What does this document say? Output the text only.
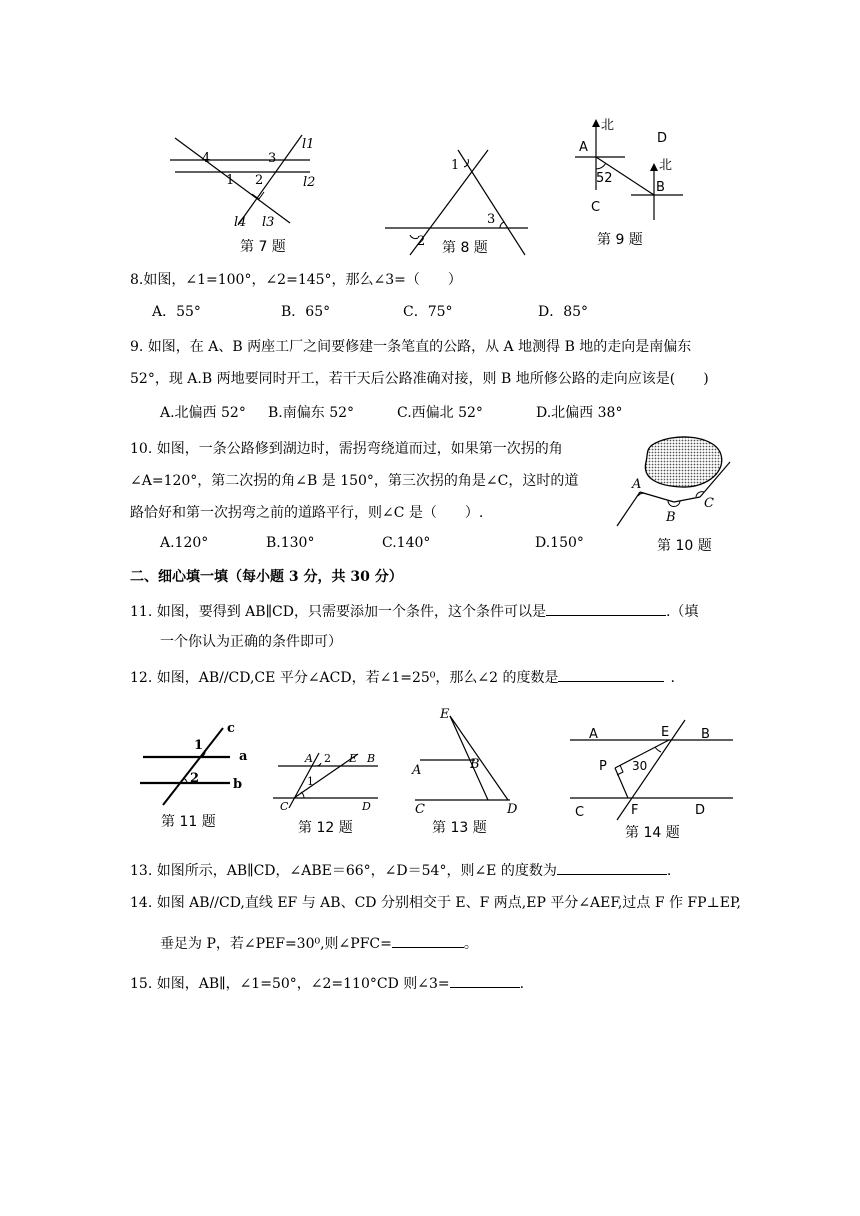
l1
l2
l3
l4
1 2
3
4
第 7 题
1
2
3
第 8 题
北
北
A
B
C
D
52
第 9 题
8.如图，∠1=100°，∠2=145°，那么∠3=（　　）
A．55°	B．65°	C．75°	D．85°
9. 如图，在 A、B 两座工厂之间要修建一条笔直的公路，从 A 地测得 B 地的走向是南偏东
52°，现 A.B 两地要同时开工，若干天后公路准确对接，则 B 地所修公路的走向应该是(　　)
A.北偏西 52° B.南偏东 52°	C.西偏北 52°	D.北偏西 38°
10. 如图，一条公路修到湖边时，需拐弯绕道而过，如果第一次拐的角
∠A=120°，第二次拐的角∠B 是 150°，第三次拐的角是∠C，这时的道
路恰好和第一次拐弯之前的道路平行，则∠C 是（　　）.
A.120°	B.130°	C.140°	D.150°
A
B
C
第 10 题
二、细心填一填（每小题 3 分，共 30 分）
11. 如图，要得到 AB∥CD，只需要添加一个条件，这个条件可以是	.（填
一个你认为正确的条件即可）
12. 如图，AB//CD,CE 平分∠ACD，若∠1=25⁰，那么∠2 的度数是	.
c
a
b
1
2
第 11 题
A 2 E B
1
C	D
第 12 题
E
A	B
C	D
第 13 题
A	E B
P 30
C	F	D
第 14 题
13. 如图所示，AB∥CD，∠ABE＝66°，∠D＝54°，则∠E 的度数为	.
14. 如图 AB//CD,直线 EF 与 AB、CD 分别相交于 E、F 两点,EP 平分∠AEF,过点 F 作 FP⊥EP,
垂足为 P，若∠PEF=30⁰,则∠PFC=	。
15. 如图，AB∥，∠1=50°，∠2=110°CD 则∠3=	.
